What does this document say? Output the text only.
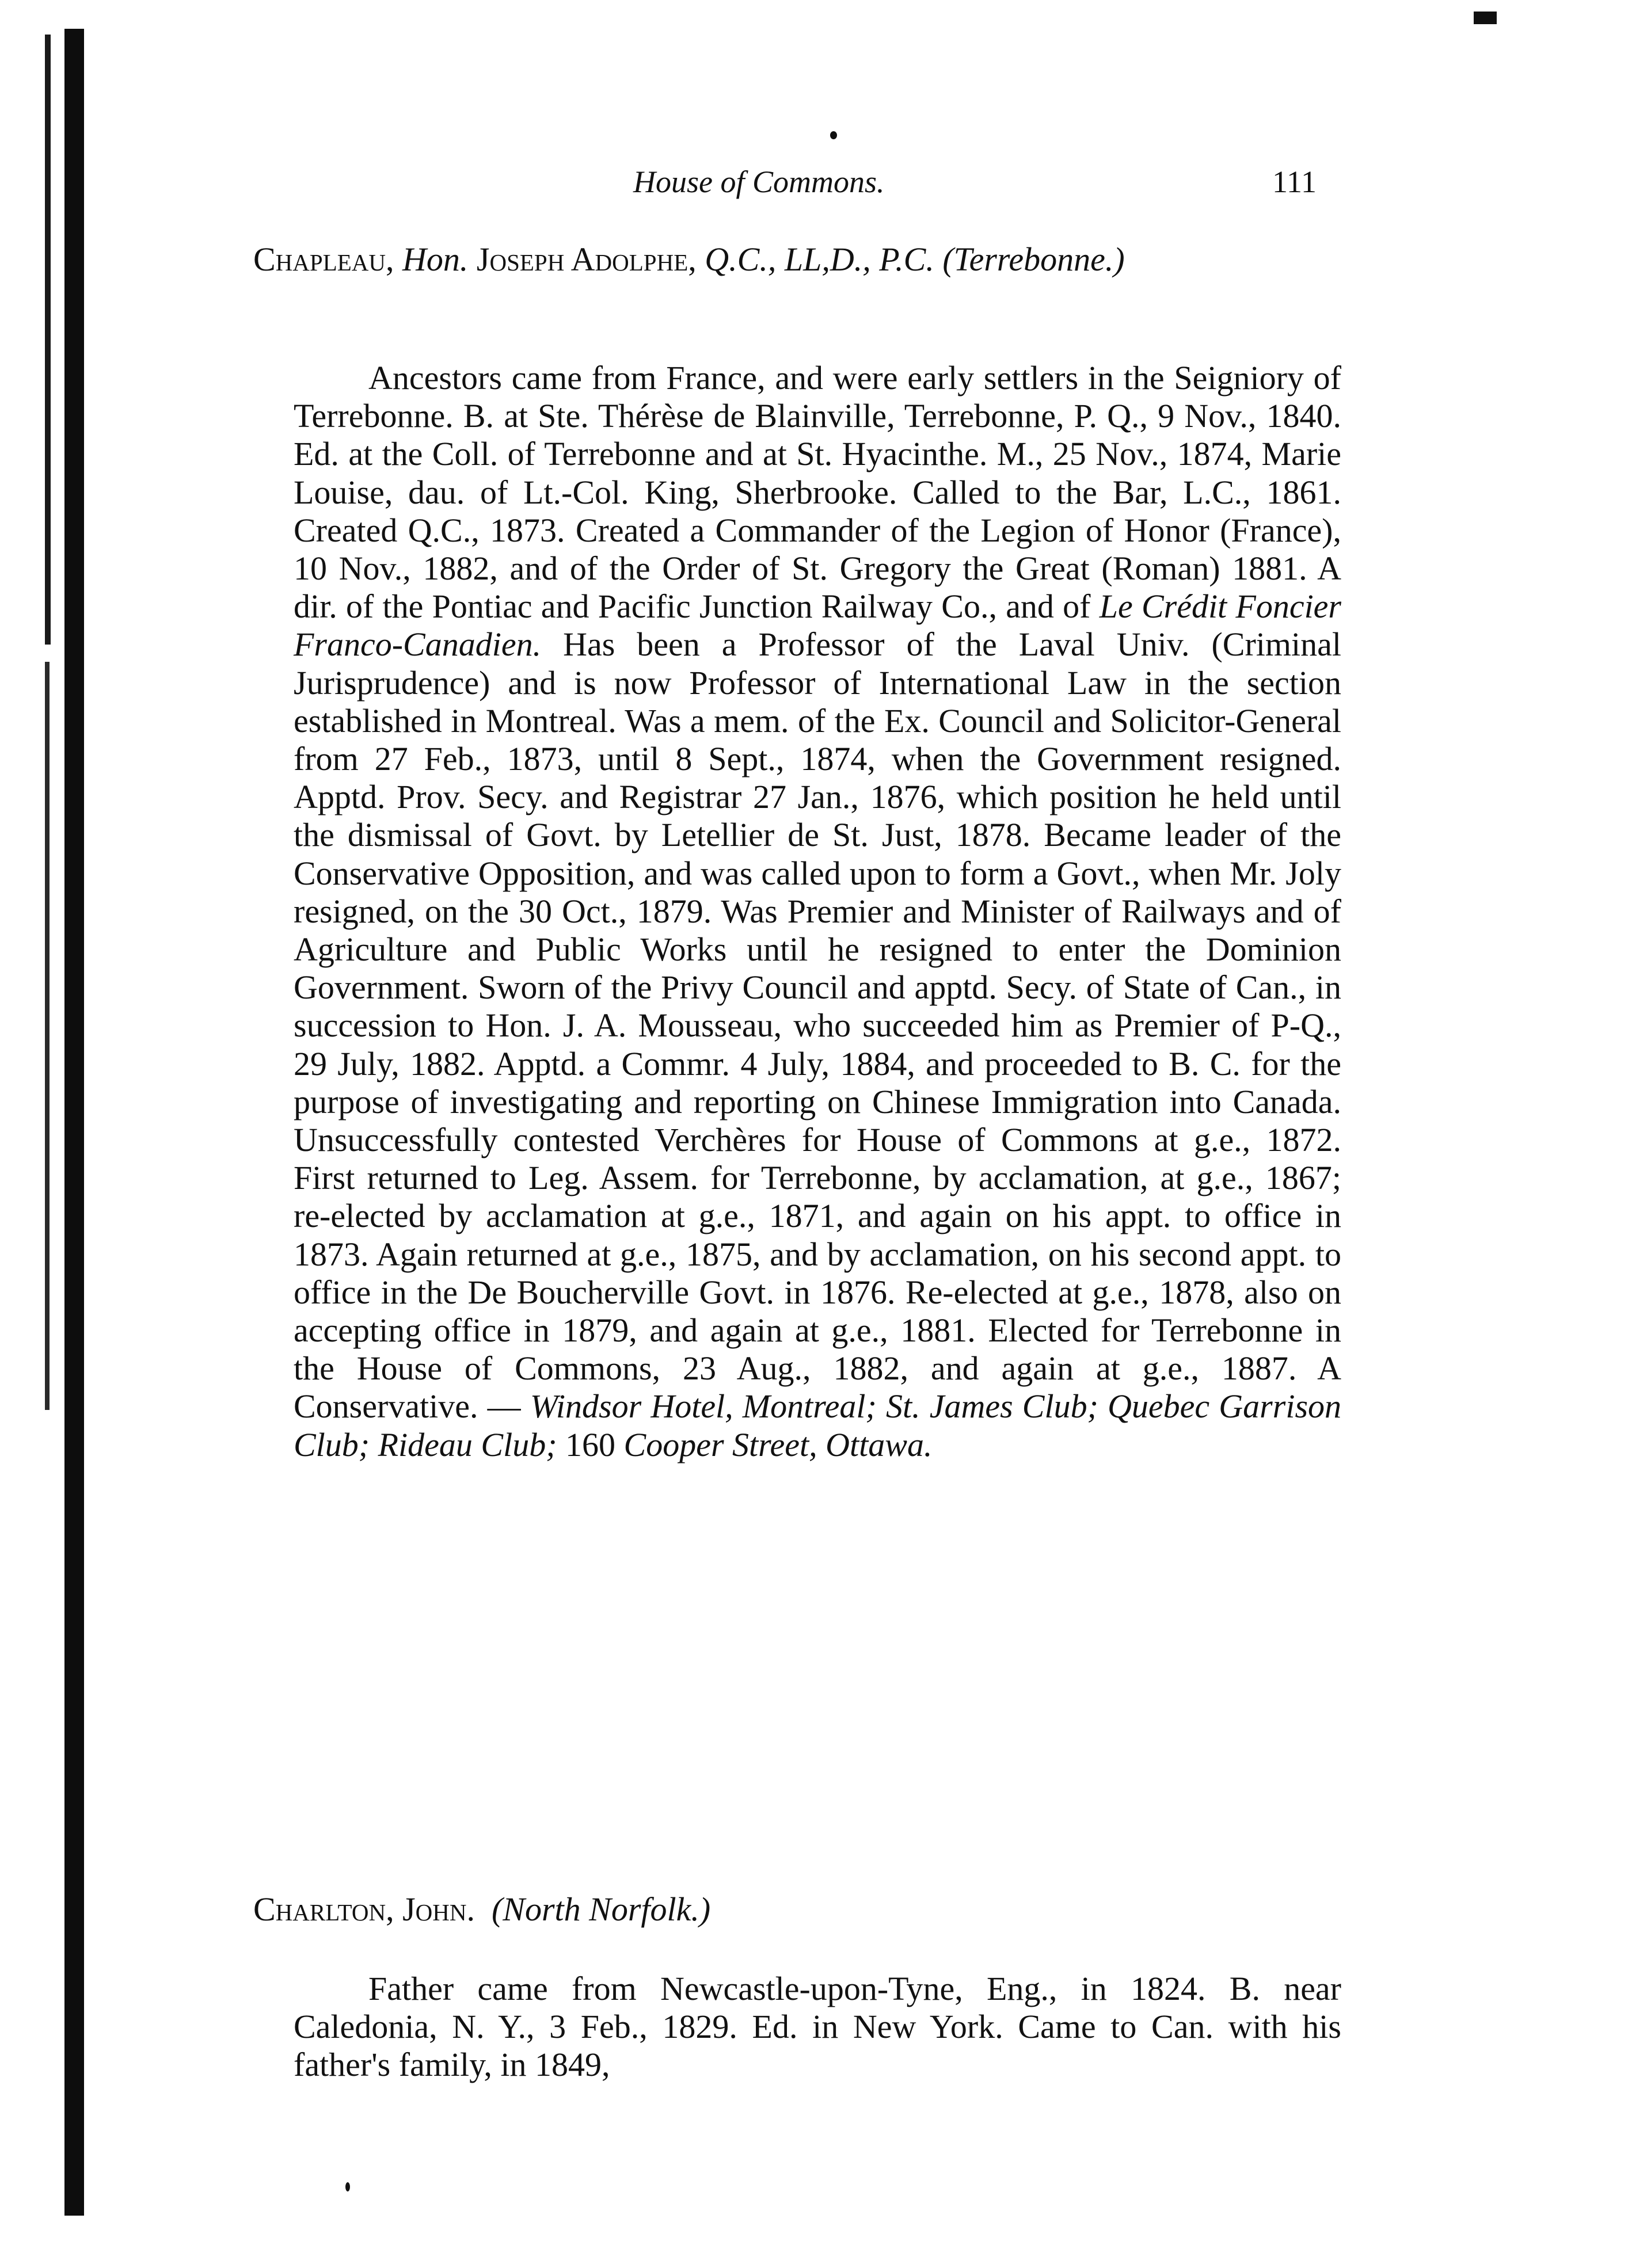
House of Commons.	111
Chapleau, Hon. Joseph Adolphe, Q.C., LL,D., P.C. (Terrebonne.)

Ancestors came from France, and were early settlers in the Seigniory of Terrebonne. B. at Ste. Thérèse de Blainville, Terrebonne, P. Q., 9 Nov., 1840. Ed. at the Coll. of Terrebonne and at St. Hyacinthe. M., 25 Nov., 1874, Marie Louise, dau. of Lt.-Col. King, Sherbrooke. Called to the Bar, L.C., 1861. Created Q.C., 1873. Created a Commander of the Legion of Honor (France), 10 Nov., 1882, and of the Order of St. Gregory the Great (Roman) 1881. A dir. of the Pontiac and Pacific Junction Railway Co., and of Le Crédit Foncier Franco-Canadien. Has been a Professor of the Laval Univ. (Criminal Jurisprudence) and is now Professor of International Law in the section established in Montreal. Was a mem. of the Ex. Council and Solicitor-General from 27 Feb., 1873, until 8 Sept., 1874, when the Government resigned. Apptd. Prov. Secy. and Registrar 27 Jan., 1876, which position he held until the dismissal of Govt. by Letellier de St. Just, 1878. Became leader of the Conservative Opposition, and was called upon to form a Govt., when Mr. Joly resigned, on the 30 Oct., 1879. Was Premier and Minister of Railways and of Agriculture and Public Works until he resigned to enter the Dominion Government. Sworn of the Privy Council and apptd. Secy. of State of Can., in succession to Hon. J. A. Mousseau, who succeeded him as Premier of P-Q., 29 July, 1882. Apptd. a Commr. 4 July, 1884, and proceeded to B. C. for the purpose of investigating and reporting on Chinese Immigration into Canada. Unsuccessfully contested Verchères for House of Commons at g.e., 1872. First returned to Leg. Assem. for Terrebonne, by acclamation, at g.e., 1867; re-elected by acclamation at g.e., 1871, and again on his appt. to office in 1873. Again returned at g.e., 1875, and by acclamation, on his second appt. to office in the De Boucherville Govt. in 1876. Re-elected at g.e., 1878, also on accepting office in 1879, and again at g.e., 1881. Elected for Terrebonne in the House of Commons, 23 Aug., 1882, and again at g.e., 1887. A Conservative. — Windsor Hotel, Montreal; St. James Club; Quebec Garrison Club; Rideau Club; 160 Cooper Street, Ottawa.

Charlton, John. (North Norfolk.)

Father came from Newcastle-upon-Tyne, Eng., in 1824. B. near Caledonia, N. Y., 3 Feb., 1829. Ed. in New York. Came to Can. with his father's family, in 1849,
